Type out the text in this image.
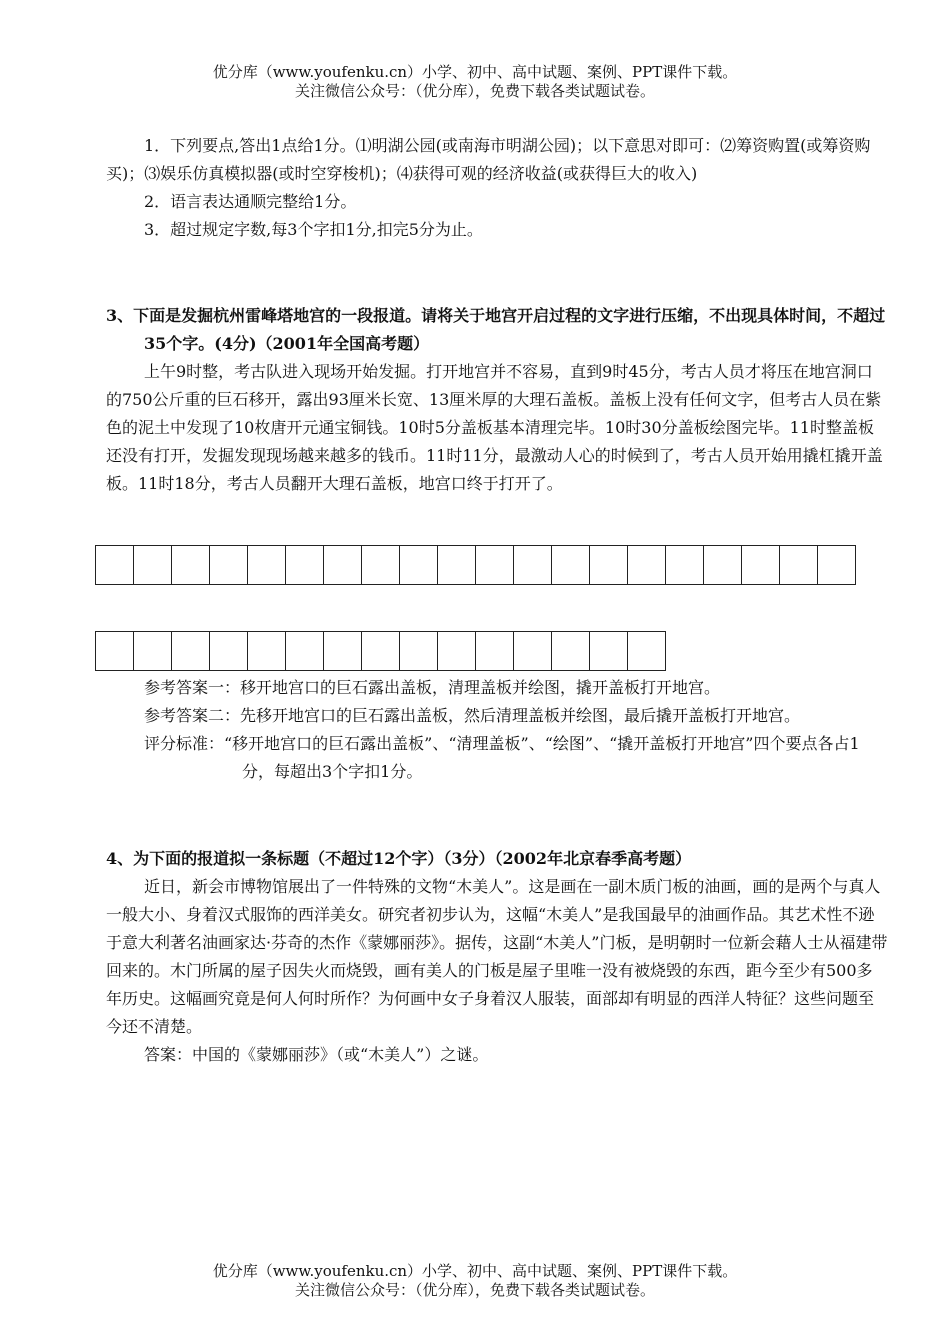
优分库（www.youfenku.cn）小学、初中、高中试题、案例、PPT课件下载。
关注微信公众号：（优分库），免费下载各类试题试卷。
1．下列要点,答出1点给1分。⑴明湖公园(或南海市明湖公园)；以下意思对即可：⑵筹资购置(或筹资购买)；⑶娱乐仿真模拟器(或时空穿梭机)；⑷获得可观的经济收益(或获得巨大的收入)
2．语言表达通顺完整给1分。
3．超过规定字数,每3个字扣1分,扣完5分为止。
3、下面是发掘杭州雷峰塔地宫的一段报道。请将关于地宫开启过程的文字进行压缩，不出现具体时间，不超过35个字。(4分)（2001年全国高考题）
上午9时整，考古队进入现场开始发掘。打开地宫并不容易，直到9时45分，考古人员才将压在地宫洞口的750公斤重的巨石移开，露出93厘米长宽、13厘米厚的大理石盖板。盖板上没有任何文字，但考古人员在紫色的泥土中发现了10枚唐开元通宝铜钱。10时5分盖板基本清理完毕。10时30分盖板绘图完毕。11时整盖板还没有打开，发掘发现现场越来越多的钱币。11时11分，最激动人心的时候到了，考古人员开始用撬杠撬开盖板。11时18分，考古人员翻开大理石盖板，地宫口终于打开了。

参考答案一：移开地宫口的巨石露出盖板，清理盖板并绘图，撬开盖板打开地宫。
参考答案二：先移开地宫口的巨石露出盖板，然后清理盖板并绘图，最后撬开盖板打开地宫。
评分标准：“移开地宫口的巨石露出盖板”、“清理盖板”、“绘图”、“撬开盖板打开地宫”四个要点各占1分，每超出3个字扣1分。
4、为下面的报道拟一条标题（不超过12个字）（3分）（2002年北京春季高考题）
近日，新会市博物馆展出了一件特殊的文物“木美人”。这是画在一副木质门板的油画，画的是两个与真人一般大小、身着汉式服饰的西洋美女。研究者初步认为，这幅“木美人”是我国最早的油画作品。其艺术性不逊于意大利著名油画家达·芬奇的杰作《蒙娜丽莎》。据传，这副“木美人”门板，是明朝时一位新会藉人士从福建带回来的。木门所属的屋子因失火而烧毁，画有美人的门板是屋子里唯一没有被烧毁的东西，距今至少有500多年历史。这幅画究竟是何人何时所作？为何画中女子身着汉人服装，面部却有明显的西洋人特征？这些问题至今还不清楚。
答案：中国的《蒙娜丽莎》（或“木美人”）之谜。
优分库（www.youfenku.cn）小学、初中、高中试题、案例、PPT课件下载。
关注微信公众号：（优分库），免费下载各类试题试卷。
